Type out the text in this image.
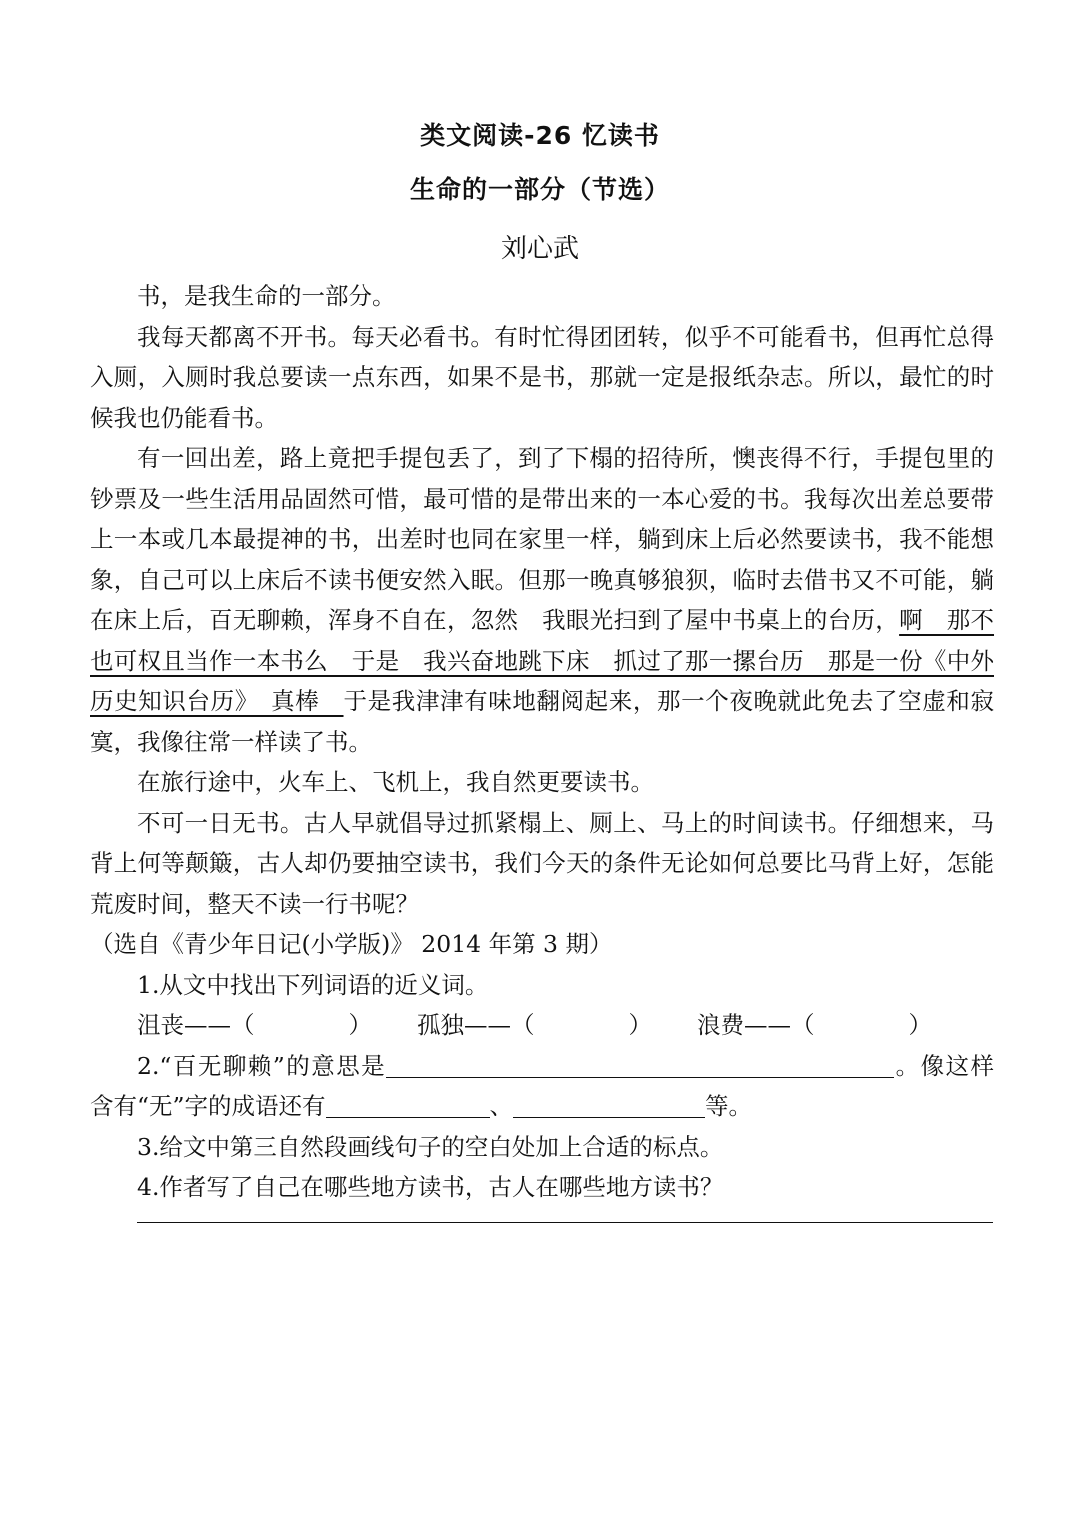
类文阅读-26 忆读书
生命的一部分（节选）
刘心武

书，是我生命的一部分。

我每天都离不开书。每天必看书。有时忙得团团转，似乎不可能看书，但再忙总得入厕，入厕时我总要读一点东西，如果不是书，那就一定是报纸杂志。所以，最忙的时候我也仍能看书。

有一回出差，路上竟把手提包丢了，到了下榻的招待所，懊丧得不行，手提包里的钞票及一些生活用品固然可惜，最可惜的是带出来的一本心爱的书。我每次出差总要带上一本或几本最提神的书，出差时也同在家里一样，躺到床上后必然要读书，我不能想象，自己可以上床后不读书便安然入眠。但那一晚真够狼狈，临时去借书又不可能，躺在床上后，百无聊赖，浑身不自在，忽然　我眼光扫到了屋中书桌上的台历，啊　那不也可权且当作一本书么　于是　我兴奋地跳下床　抓过了那一摞台历　那是一份《中外历史知识台历》　真棒　于是我津津有味地翻阅起来，那一个夜晚就此免去了空虚和寂寞，我像往常一样读了书。

在旅行途中，火车上、飞机上，我自然更要读书。

不可一日无书。古人早就倡导过抓紧榻上、厕上、马上的时间读书。仔细想来，马背上何等颠簸，古人却仍要抽空读书，我们今天的条件无论如何总要比马背上好，怎能荒废时间，整天不读一行书呢？

（选自《青少年日记(小学版)》 2014 年第 3 期）

1.从文中找出下列词语的近义词。

沮丧——（　　　　）	孤独——（　　　　）	浪费——（　　　　）

2.“百无聊赖”的意思是	。像这样含有“无”字的成语还有	、	等。

3.给文中第三自然段画线句子的空白处加上合适的标点。

4.作者写了自己在哪些地方读书，古人在哪些地方读书？
